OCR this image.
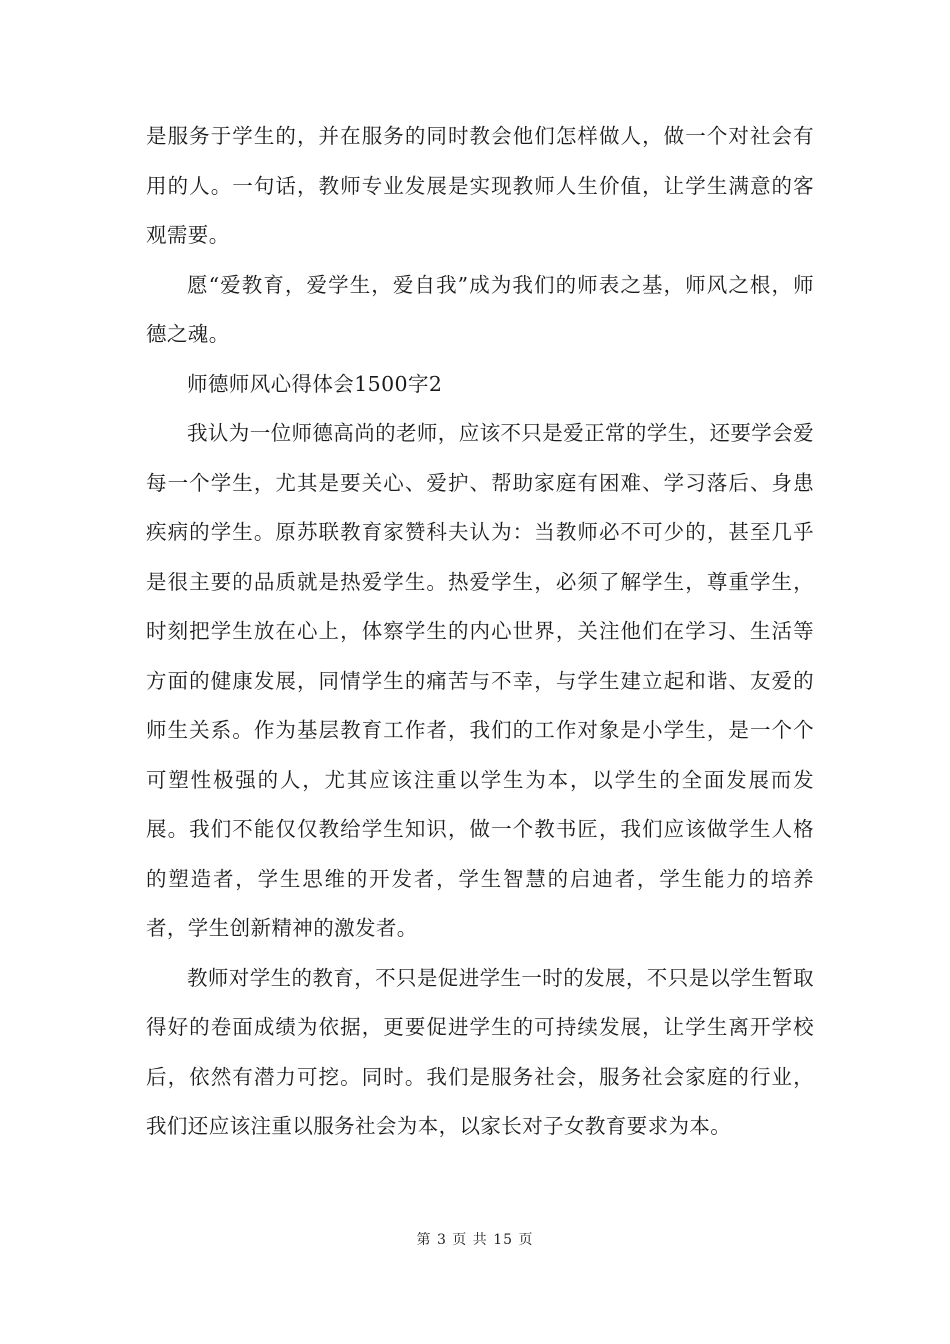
是服务于学生的，并在服务的同时教会他们怎样做人，做一个对社会有用的人。一句话，教师专业发展是实现教师人生价值，让学生满意的客观需要。

愿“爱教育，爱学生，爱自我”成为我们的师表之基，师风之根，师德之魂。

师德师风心得体会1500字2

我认为一位师德高尚的老师，应该不只是爱正常的学生，还要学会爱每一个学生，尤其是要关心、爱护、帮助家庭有困难、学习落后、身患疾病的学生。原苏联教育家赞科夫认为：当教师必不可少的，甚至几乎是很主要的品质就是热爱学生。热爱学生，必须了解学生，尊重学生，时刻把学生放在心上，体察学生的内心世界，关注他们在学习、生活等方面的健康发展，同情学生的痛苦与不幸，与学生建立起和谐、友爱的师生关系。作为基层教育工作者，我们的工作对象是小学生，是一个个可塑性极强的人，尤其应该注重以学生为本，以学生的全面发展而发展。我们不能仅仅教给学生知识，做一个教书匠，我们应该做学生人格的塑造者，学生思维的开发者，学生智慧的启迪者，学生能力的培养者，学生创新精神的激发者。

教师对学生的教育，不只是促进学生一时的发展，不只是以学生暂取得好的卷面成绩为依据，更要促进学生的可持续发展，让学生离开学校后，依然有潜力可挖。同时。我们是服务社会，服务社会家庭的行业，我们还应该注重以服务社会为本，以家长对子女教育要求为本。

第 3 页 共 15 页
